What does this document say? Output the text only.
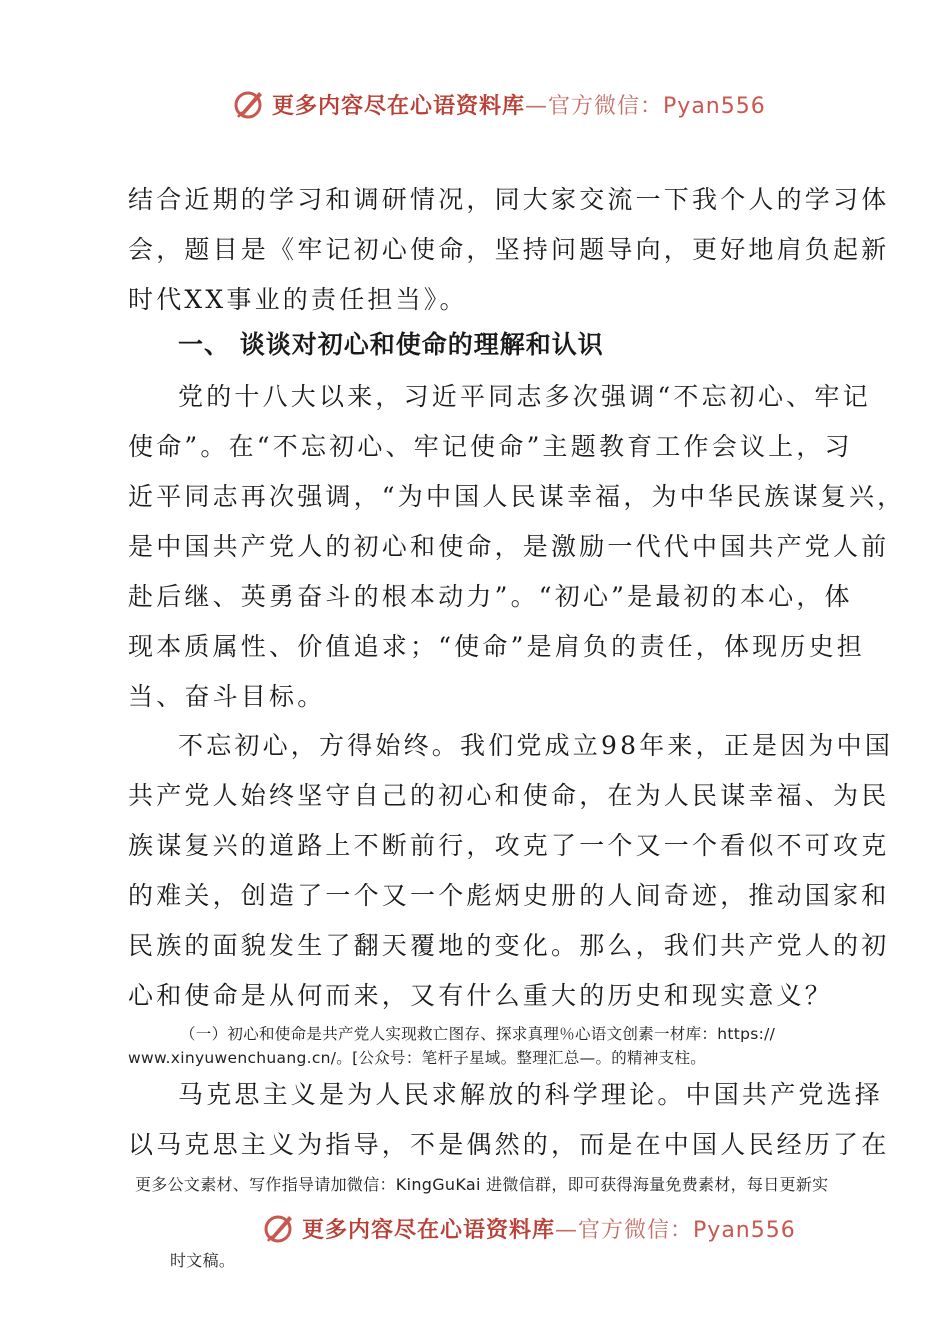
更多内容尽在心语资料库—官方微信：Pyan556
结合近期的学习和调研情况，同大家交流一下我个人的学习体
会，题目是《牢记初心使命，坚持问题导向，更好地肩负起新
时代XX事业的责任担当》。
一、 谈谈对初心和使命的理解和认识
党的十八大以来，习近平同志多次强调“不忘初心、牢记
使命”。在“不忘初心、牢记使命”主题教育工作会议上，习
近平同志再次强调，“为中国人民谋幸福，为中华民族谋复兴，
是中国共产党人的初心和使命，是激励一代代中国共产党人前
赴后继、英勇奋斗的根本动力”。“初心”是最初的本心，体
现本质属性、价值追求；“使命”是肩负的责任，体现历史担
当、奋斗目标。
不忘初心，方得始终。我们党成立98年来，正是因为中国
共产党人始终坚守自己的初心和使命，在为人民谋幸福、为民
族谋复兴的道路上不断前行，攻克了一个又一个看似不可攻克
的难关，创造了一个又一个彪炳史册的人间奇迹，推动国家和
民族的面貌发生了翻天覆地的变化。那么，我们共产党人的初
心和使命是从何而来，又有什么重大的历史和现实意义？
（一）初心和使命是共产党人实现救亡图存、探求真理％心语文创素一材库：https://
www.xinyuwenchuang.cn/。[公众号：笔杆子星域。整理汇总—。的精神支柱。
马克思主义是为人民求解放的科学理论。中国共产党选择
以马克思主义为指导，不是偶然的，而是在中国人民经历了在
更多公文素材、写作指导请加微信：KingGuKai 进微信群，即可获得海量免费素材，每日更新实
更多内容尽在心语资料库—官方微信：Pyan556
时文稿。
